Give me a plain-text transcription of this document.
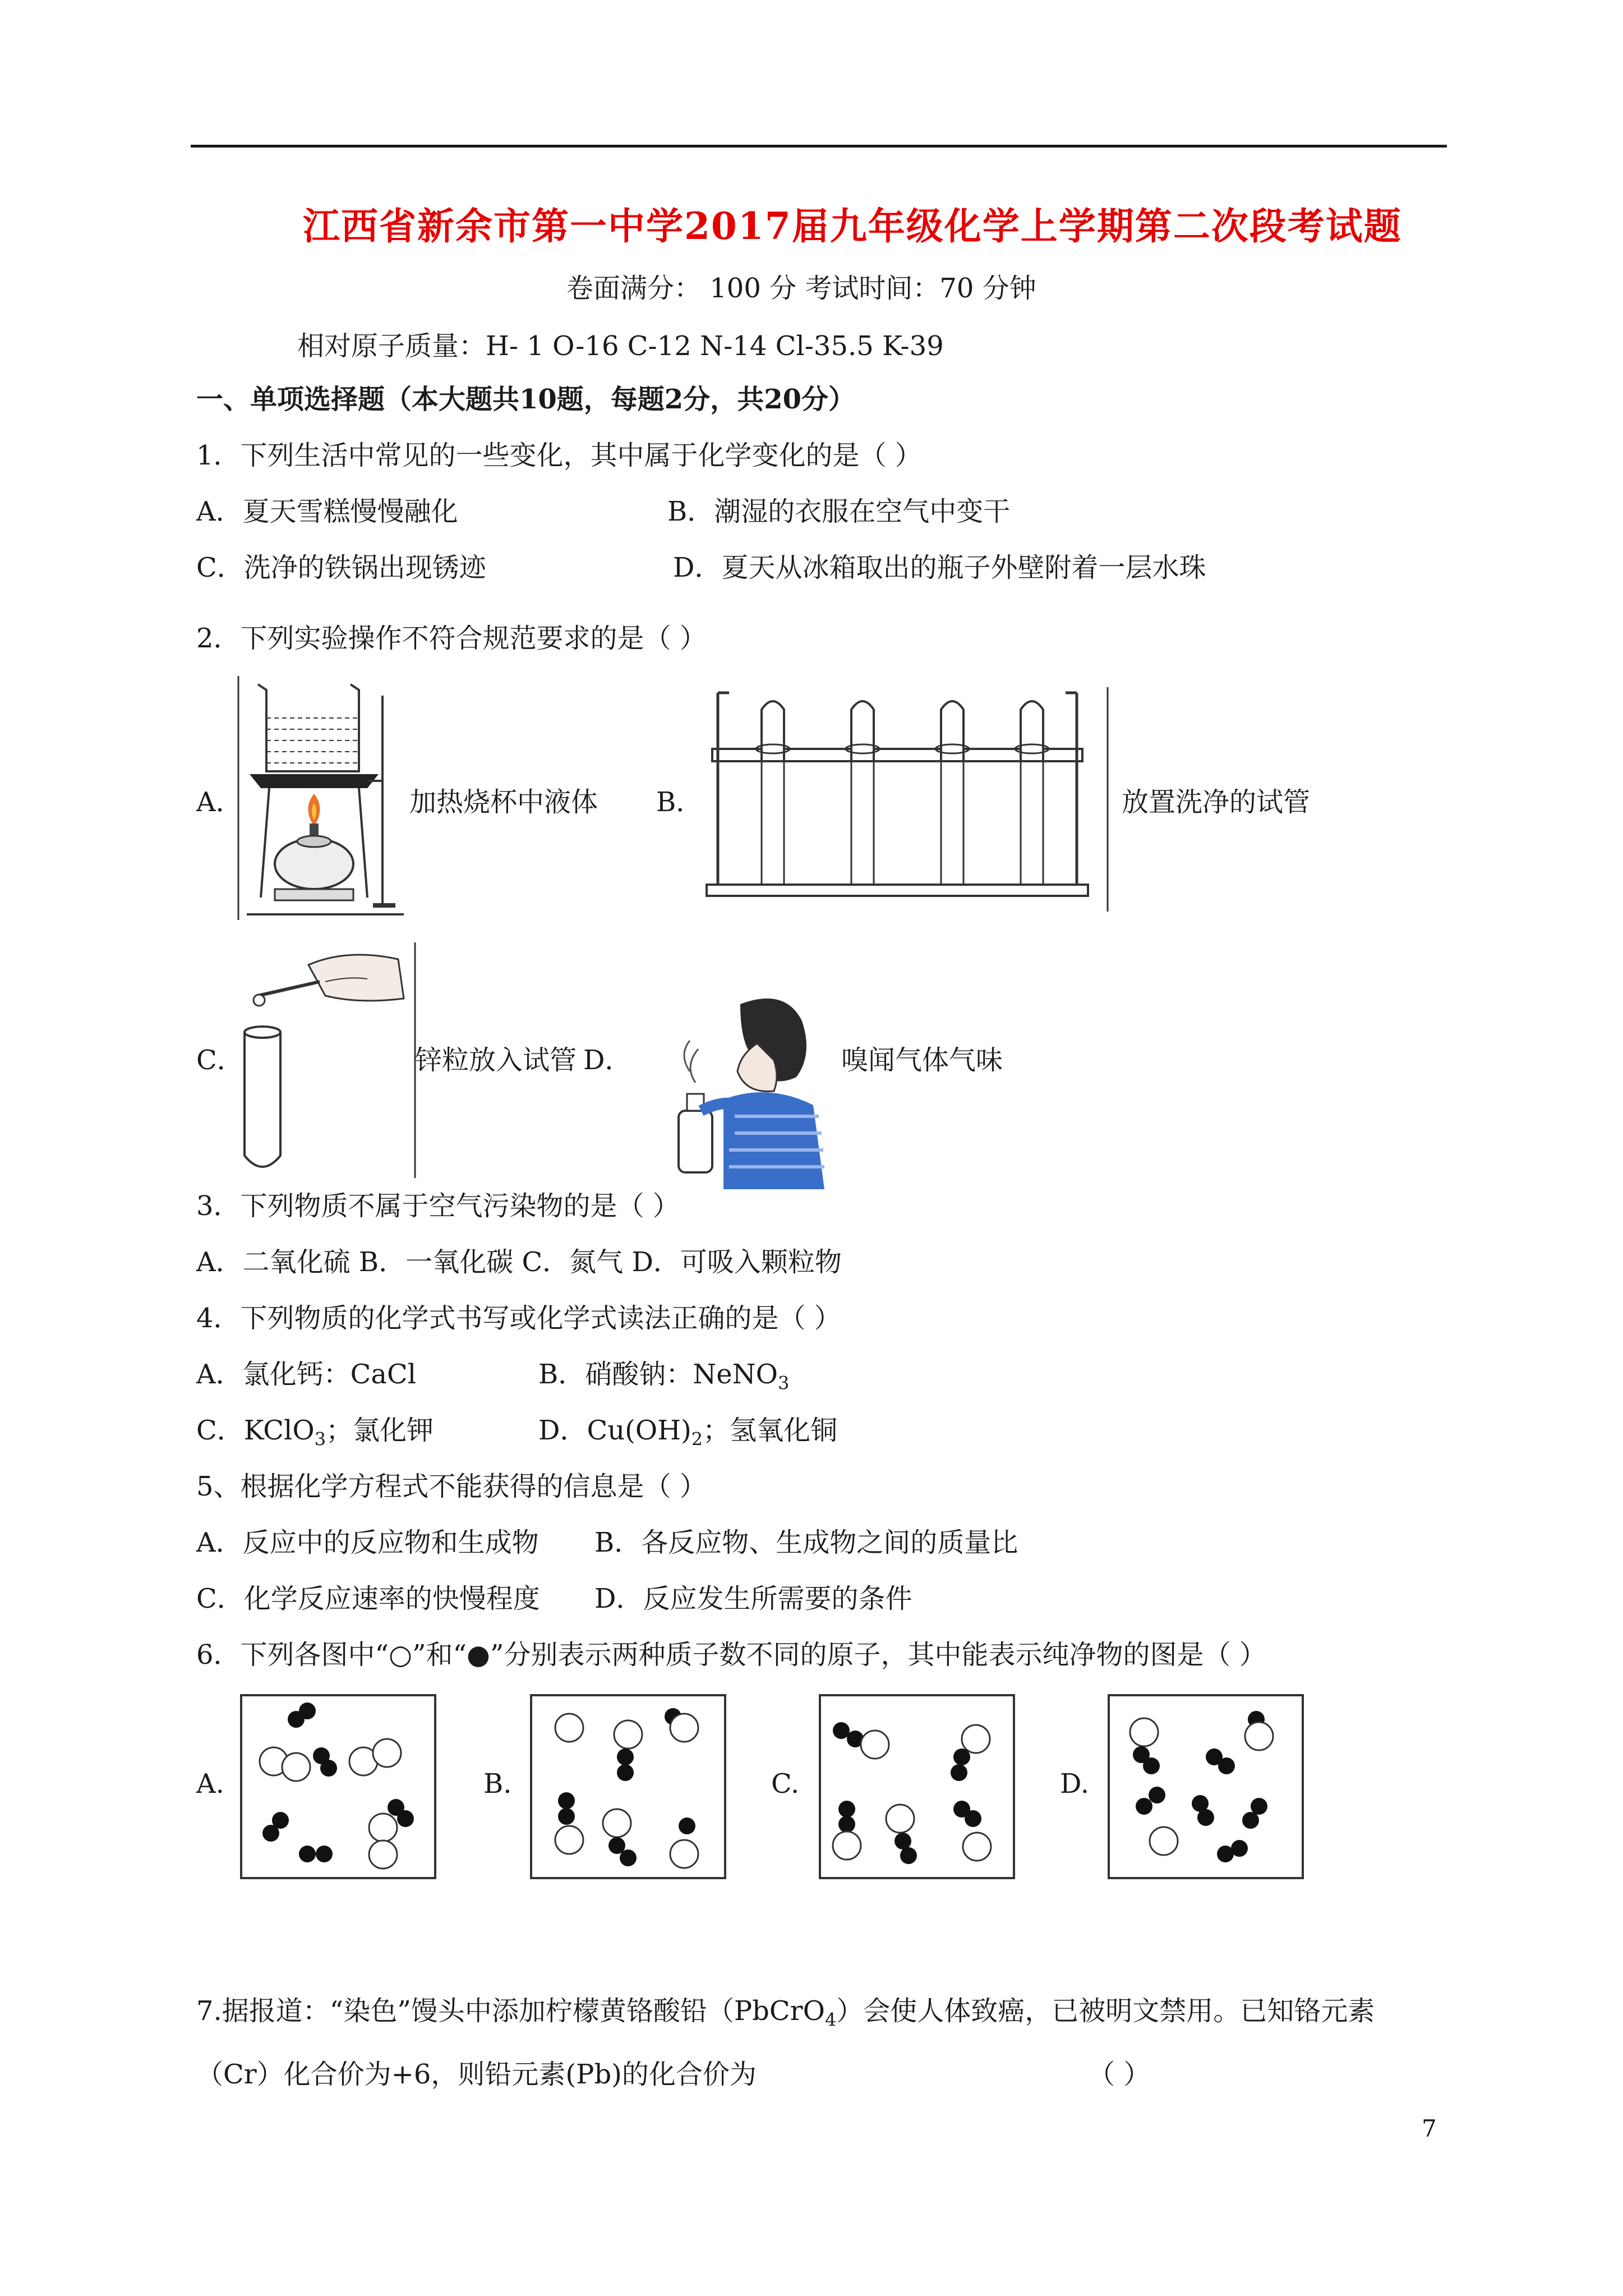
江西省新余市第一中学2017届九年级化学上学期第二次段考试题
卷面满分： 100 分 考试时间：70 分钟
相对原子质量：H- 1 O-16 C-12 N-14 Cl-35.5 K-39
一、单项选择题（本大题共10题，每题2分，共20分）
1．下列生活中常见的一些变化，其中属于化学变化的是（ ）
A．夏天雪糕慢慢融化	B．潮湿的衣服在空气中变干
C．洗净的铁锅出现锈迹	D．夏天从冰箱取出的瓶子外壁附着一层水珠
2．下列实验操作不符合规范要求的是（ ）
A．	加热烧杯中液体 B．	放置洗净的试管
C．	锌粒放入试管 D．	嗅闻气体气味
3．下列物质不属于空气污染物的是（ ）
A．二氧化硫 B．一氧化碳 C．氮气 D．可吸入颗粒物
4．下列物质的化学式书写或化学式读法正确的是（ ）
A．氯化钙：CaCl	B．硝酸钠：NeNO$_3$
C．KClO$_3$；氯化钾	D．$Cu(OH)_2$；氢氧化铜
5、根据化学方程式不能获得的信息是（ ）
A．反应中的反应物和生成物 B．各反应物、生成物之间的质量比
C．化学反应速率的快慢程度 D．反应发生所需要的条件
6．下列各图中“○”和“●”分别表示两种质子数不同的原子，其中能表示纯净物的图是（ ）
A.	B.	C.	D.
7.据报道：“染色”馒头中添加柠檬黄铬酸铅（PbCrO$_4$）会使人体致癌，已被明文禁用。已知铬元素
（Cr）化合价为+6，则铅元素(Pb)的化合价为	（ ）
7
